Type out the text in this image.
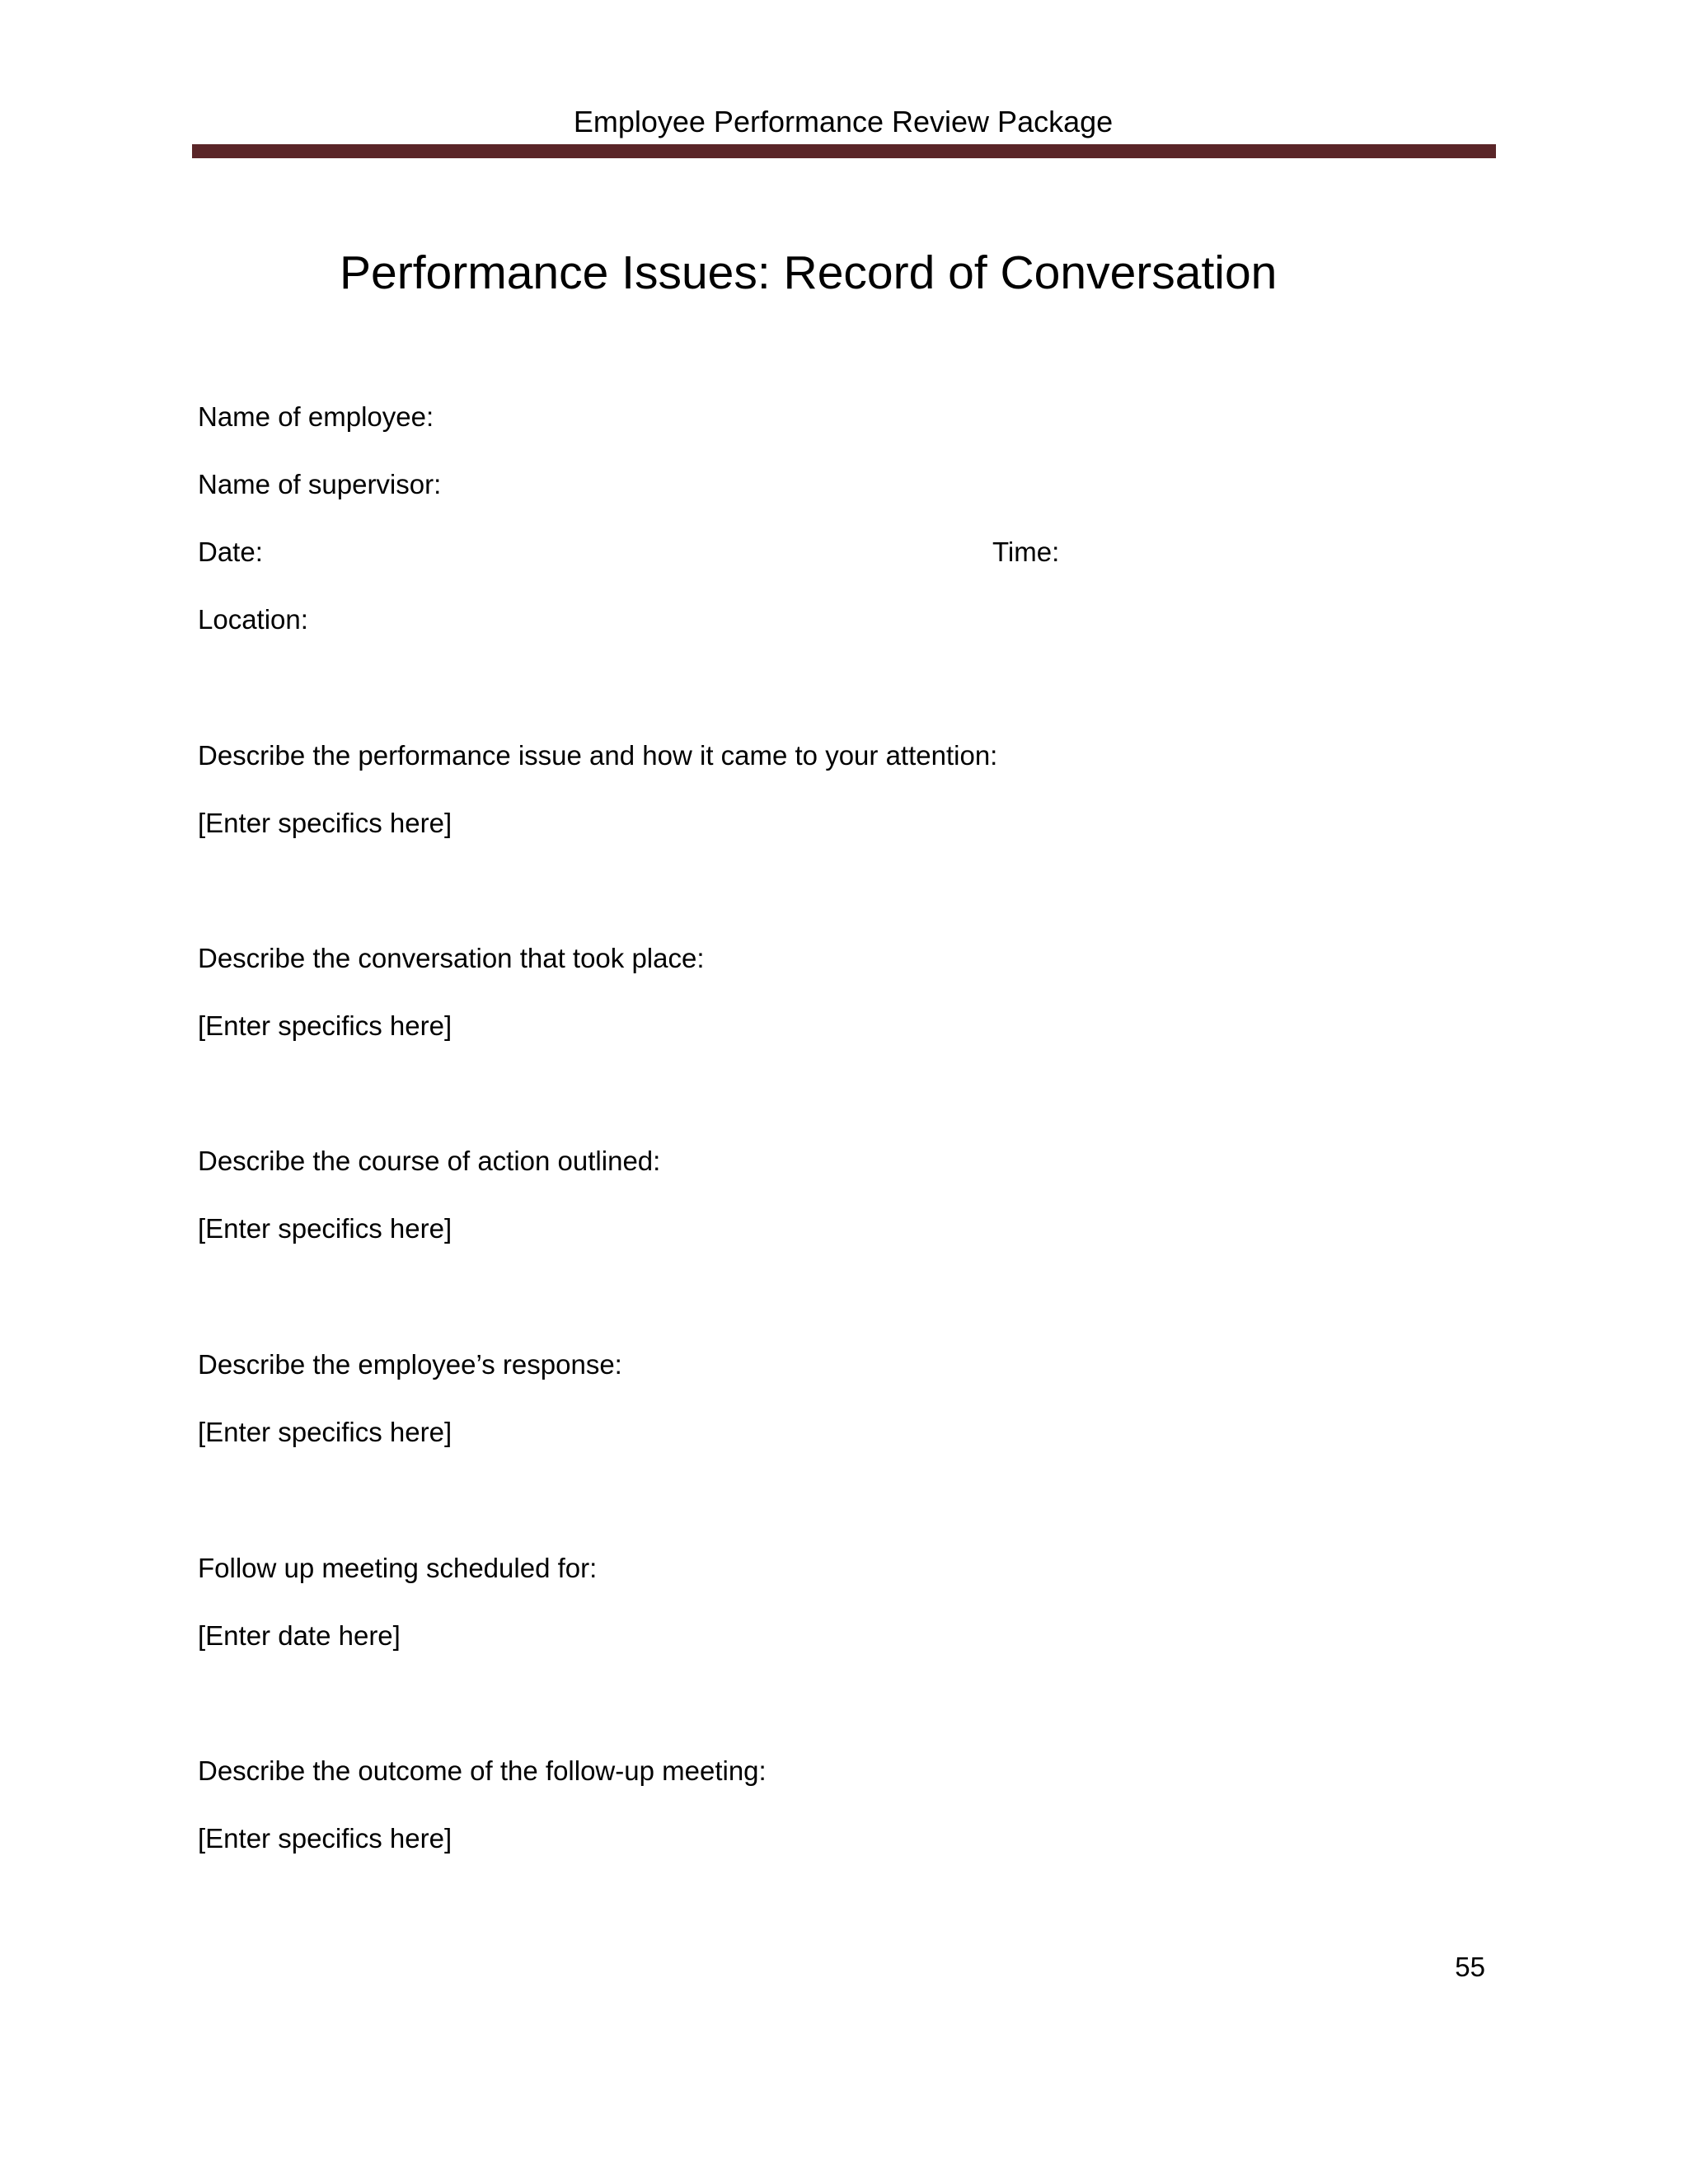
Employee Performance Review Package
Performance Issues: Record of Conversation
Name of employee:
Name of supervisor:
Date:	Time:
Location:
Describe the performance issue and how it came to your attention:
[Enter specifics here]
Describe the conversation that took place:
[Enter specifics here]
Describe the course of action outlined:
[Enter specifics here]
Describe the employee’s response:
[Enter specifics here]
Follow up meeting scheduled for:
[Enter date here]
Describe the outcome of the follow-up meeting:
[Enter specifics here]
55
